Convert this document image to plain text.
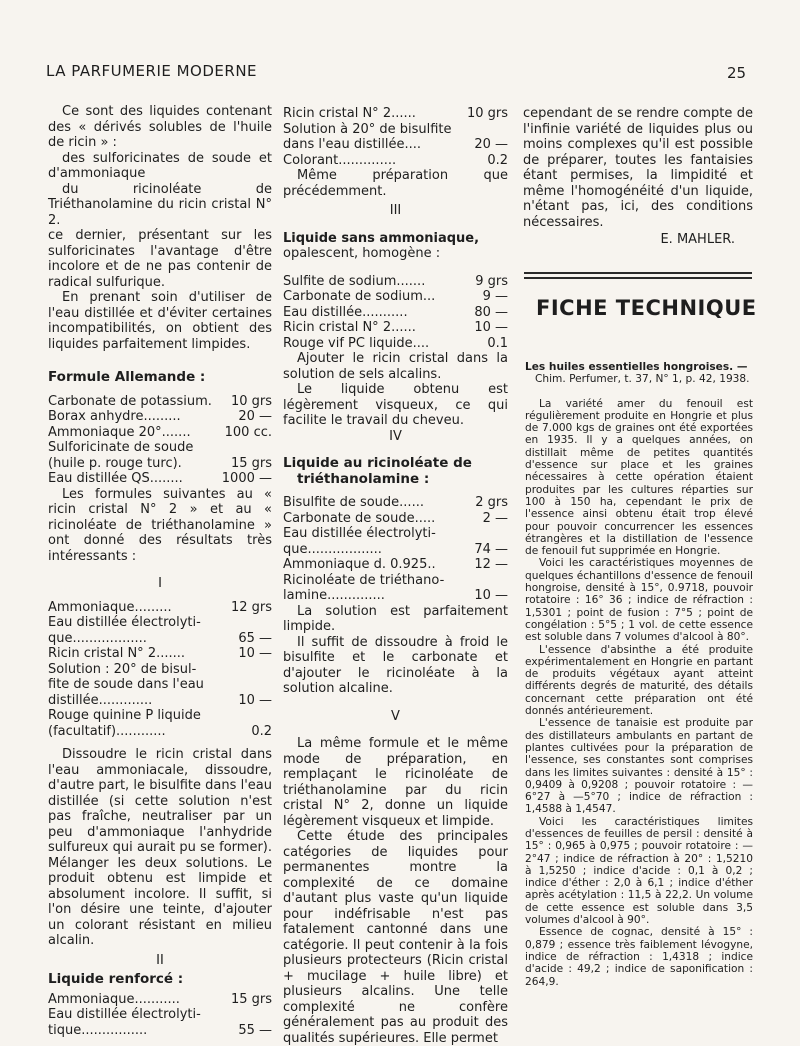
LA PARFUMERIE MODERNE	25

Ce sont des liquides contenant des « dérivés solubles de l'huile de ricin » :

des sulforicinates de soude et d'ammoniaque

du ricinoléate de Triéthanolamine du ricin cristal N° 2.

ce dernier, présentant sur les sulforicinates l'avantage d'être incolore et de ne pas contenir de radical sulfurique.

En prenant soin d'utiliser de l'eau distillée et d'éviter certaines incompatibilités, on obtient des liquides parfaitement limpides.

Formule Allemande :
Carbonate de potassium. 10 grs
Borax anhydre.........	20 —
Ammoniaque 20°.......	100 cc.
Sulforicinate de soude
(huile p. rouge turc).	15 grs
Eau distillée QS........	1000 —

Les formules suivantes au « ricin cristal N° 2 » et au « ricinoléate de triéthanolamine » ont donné des résultats très intéressants :

I

Ammoniaque.........	12 grs
Eau distillée électrolyti-
que..................	65 —
Ricin cristal N° 2.......	10 —
Solution : 20° de bisul-
fite de soude dans l'eau
distillée.............	10 —
Rouge quinine P liquide
(facultatif)............	0.2

Dissoudre le ricin cristal dans l'eau ammoniacale, dissoudre, d'autre part, le bisulfite dans l'eau distillée (si cette solution n'est pas fraîche, neutraliser par un peu d'ammoniaque l'anhydride sulfureux qui aurait pu se former). Mélanger les deux solutions. Le produit obtenu est limpide et absolument incolore. Il suffit, si l'on désire une teinte, d'ajouter un colorant résistant en milieu alcalin.

II

Liquide renforcé :
Ammoniaque...........	15 grs
Eau distillée électrolyti-
tique................	55 —
Ricin cristal N° 2......	10 grs
Solution à 20° de bisulfite
dans l'eau distillée....	20 —
Colorant..............	0.2

Même préparation que précédemment.

III

Liquide sans ammoniaque, opalescent, homogène :

Sulfite de sodium.......	9 grs
Carbonate de sodium...	9 —
Eau distillée...........	80 —
Ricin cristal N° 2......	10 —
Rouge vif PC liquide....	0.1

Ajouter le ricin cristal dans la solution de sels alcalins.

Le liquide obtenu est légèrement visqueux, ce qui facilite le travail du cheveu.

IV

Liquide au ricinoléate de triéthanolamine :
Bisulfite de soude......	2 grs
Carbonate de soude.....	2 —
Eau distillée électrolyti-
que..................	74 —
Ammoniaque d. 0.925..	12 —
Ricinoléate de triéthano-
lamine..............	10 —

La solution est parfaitement limpide.

Il suffit de dissoudre à froid le bisulfite et le carbonate et d'ajouter le ricinoléate à la solution alcaline.

V

La même formule et le même mode de préparation, en remplaçant le ricinoléate de triéthanolamine par du ricin cristal N° 2, donne un liquide légèrement visqueux et limpide.

Cette étude des principales catégories de liquides pour permanentes montre la complexité de ce domaine d'autant plus vaste qu'un liquide pour indéfrisable n'est pas fatalement cantonné dans une catégorie. Il peut contenir à la fois plusieurs protecteurs (Ricin cristal + mucilage + huile libre) et plusieurs alcalins. Une telle complexité ne confère généralement pas au produit des qualités supérieures. Elle permet

cependant de se rendre compte de l'infinie variété de liquides plus ou moins complexes qu'il est possible de préparer, toutes les fantaisies étant permises, la limpidité et même l'homogénéité d'un liquide, n'étant pas, ici, des conditions nécessaires.

E. MAHLER.

FICHE TECHNIQUE

Les huiles essentielles hongroises. —

Chim. Perfumer, t. 37, N° 1, p. 42, 1938.

La variété amer du fenouil est régulièrement produite en Hongrie et plus de 7.000 kgs de graines ont été exportées en 1935. Il y a quelques années, on distillait même de petites quantités d'essence sur place et les graines nécessaires à cette opération étaient produites par les cultures réparties sur 100 à 150 ha, cependant le prix de l'essence ainsi obtenu était trop élevé pour pouvoir concurrencer les essences étrangères et la distillation de l'essence de fenouil fut supprimée en Hongrie.

Voici les caractéristiques moyennes de quelques échantillons d'essence de fenouil hongroise, densité à 15°, 0.9718, pouvoir rotatoire : 16° 36 ; indice de réfraction : 1,5301 ; point de fusion : 7°5 ; point de congélation : 5°5 ; 1 vol. de cette essence est soluble dans 7 volumes d'alcool à 80°.

L'essence d'absinthe a été produite expérimentalement en Hongrie en partant de produits végétaux ayant atteint différents degrés de maturité, des détails concernant cette préparation ont été donnés antérieurement.

L'essence de tanaisie est produite par des distillateurs ambulants en partant de plantes cultivées pour la préparation de l'essence, ses constantes sont comprises dans les limites suivantes : densité à 15° : 0,9409 à 0,9208 ; pouvoir rotatoire : —6°27 à —5°70 ; indice de réfraction : 1,4588 à 1,4547.

Voici les caractéristiques limites d'essences de feuilles de persil : densité à 15° : 0,965 à 0,975 ; pouvoir rotatoire : —2°47 ; indice de réfraction à 20° : 1,5210 à 1,5250 ; indice d'acide : 0,1 à 0,2 ; indice d'éther : 2,0 à 6,1 ; indice d'éther après acétylation : 11,5 à 22,2. Un volume de cette essence est soluble dans 3,5 volumes d'alcool à 90°.

Essence de cognac, densité à 15° : 0,879 ; essence très faiblement lévogyne, indice de réfraction : 1,4318 ; indice d'acide : 49,2 ; indice de saponification : 264,9.
